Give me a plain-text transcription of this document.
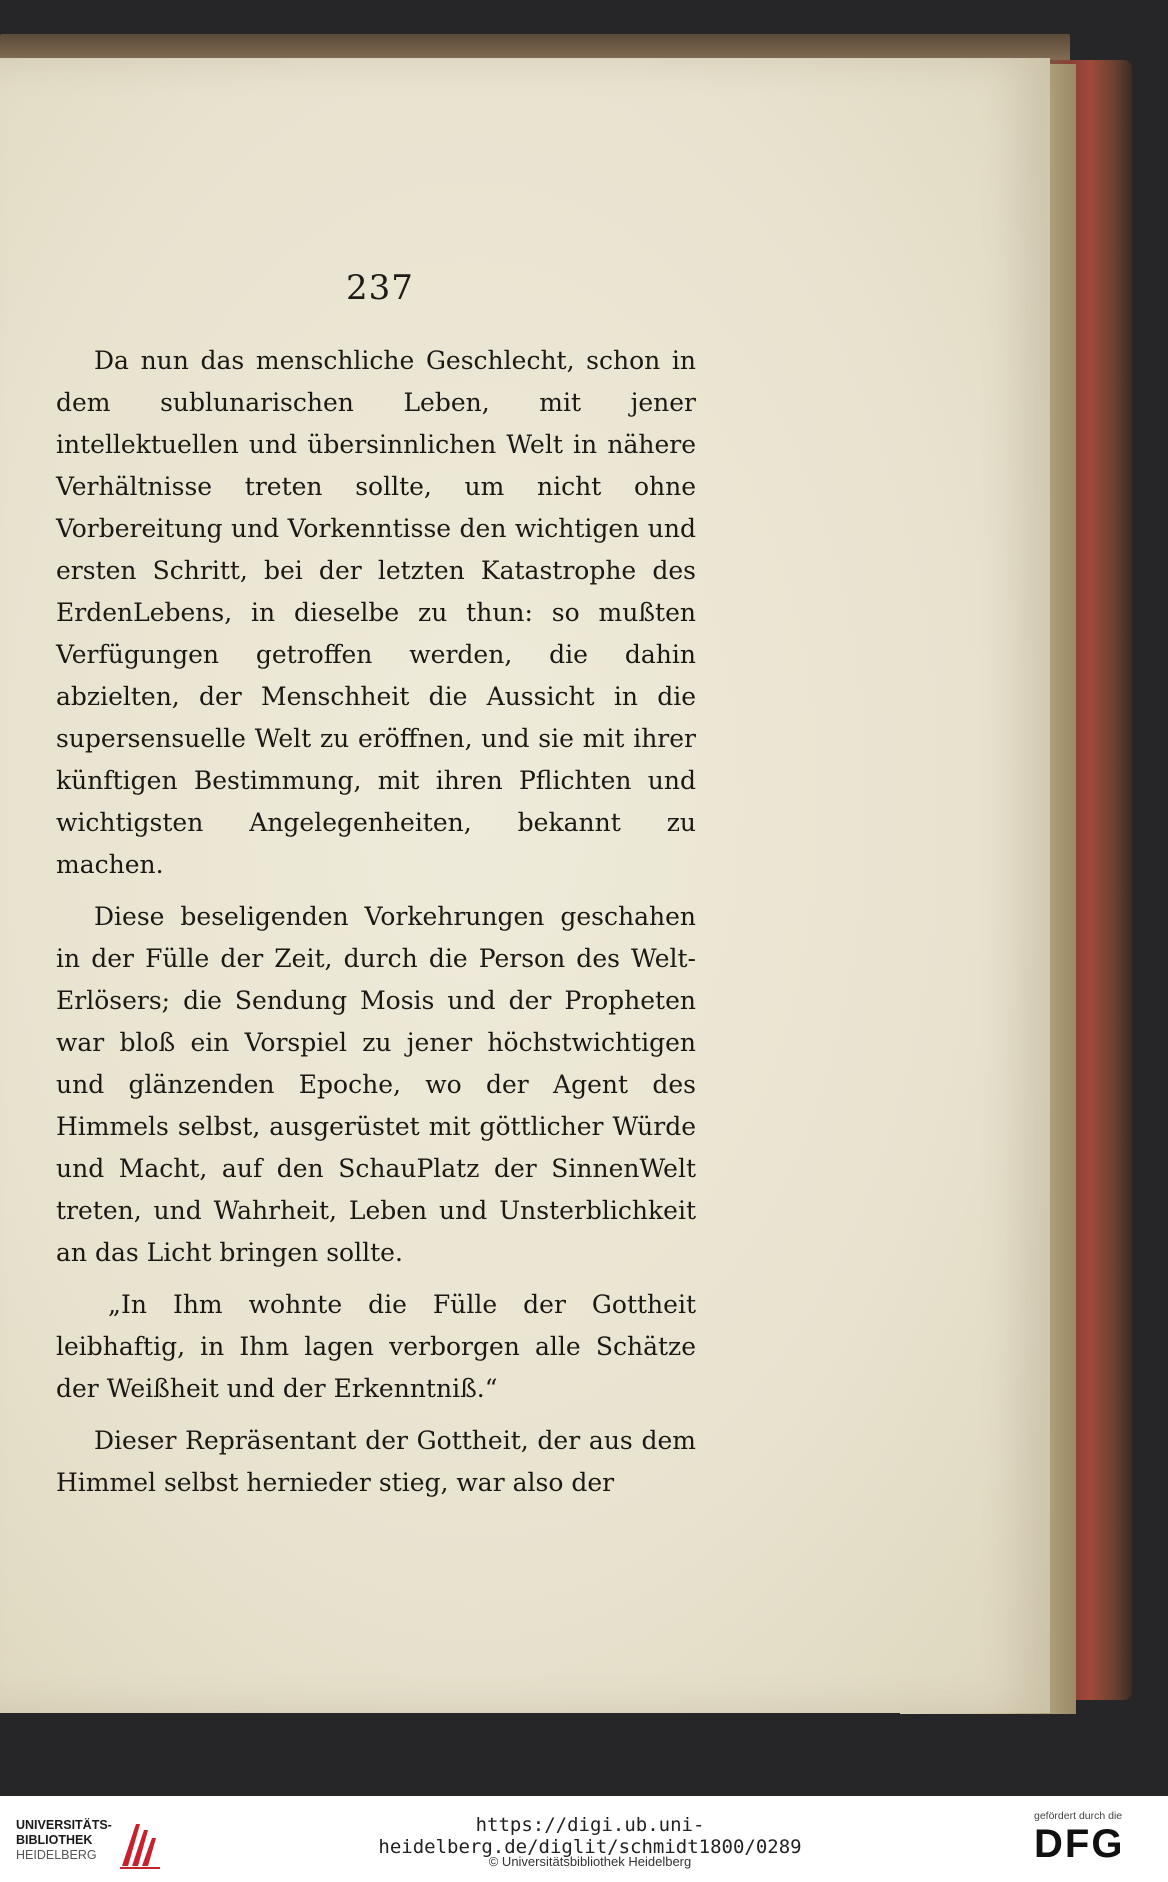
237

Da nun das menschliche Geschlecht, schon in dem sublunarischen Leben, mit jener intellektuellen und übersinnlichen Welt in nähere Verhältnisse treten sollte, um nicht ohne Vorbereitung und Vorkenntisse den wichtigen und ersten Schritt, bei der letzten Katastrophe des ErdenLebens, in dieselbe zu thun: so mußten Verfügungen getroffen werden, die dahin abzielten, der Menschheit die Aussicht in die supersensuelle Welt zu eröffnen, und sie mit ihrer künftigen Bestimmung, mit ihren Pflichten und wichtigsten Angelegenheiten, bekannt zu machen.

Diese beseligenden Vorkehrungen geschahen in der Fülle der Zeit, durch die Person des Welt-Erlösers; die Sendung Mosis und der Propheten war bloß ein Vorspiel zu jener höchstwichtigen und glänzenden Epoche, wo der Agent des Himmels selbst, ausgerüstet mit göttlicher Würde und Macht, auf den SchauPlatz der SinnenWelt treten, und Wahrheit, Leben und Unsterblichkeit an das Licht bringen sollte.

„In Ihm wohnte die Fülle der Gottheit leibhaftig, in Ihm lagen verborgen alle Schätze der Weißheit und der Erkenntniß.“

Dieser Repräsentant der Gottheit, der aus dem Himmel selbst hernieder stieg, war also der

UNIVERSITÄTS-
BIBLIOTHEK
HEIDELBERG
https://digi.ub.uni-heidelberg.de/diglit/schmidt1800/0289
© Universitätsbibliothek Heidelberg
gefördert durch die
DFG
